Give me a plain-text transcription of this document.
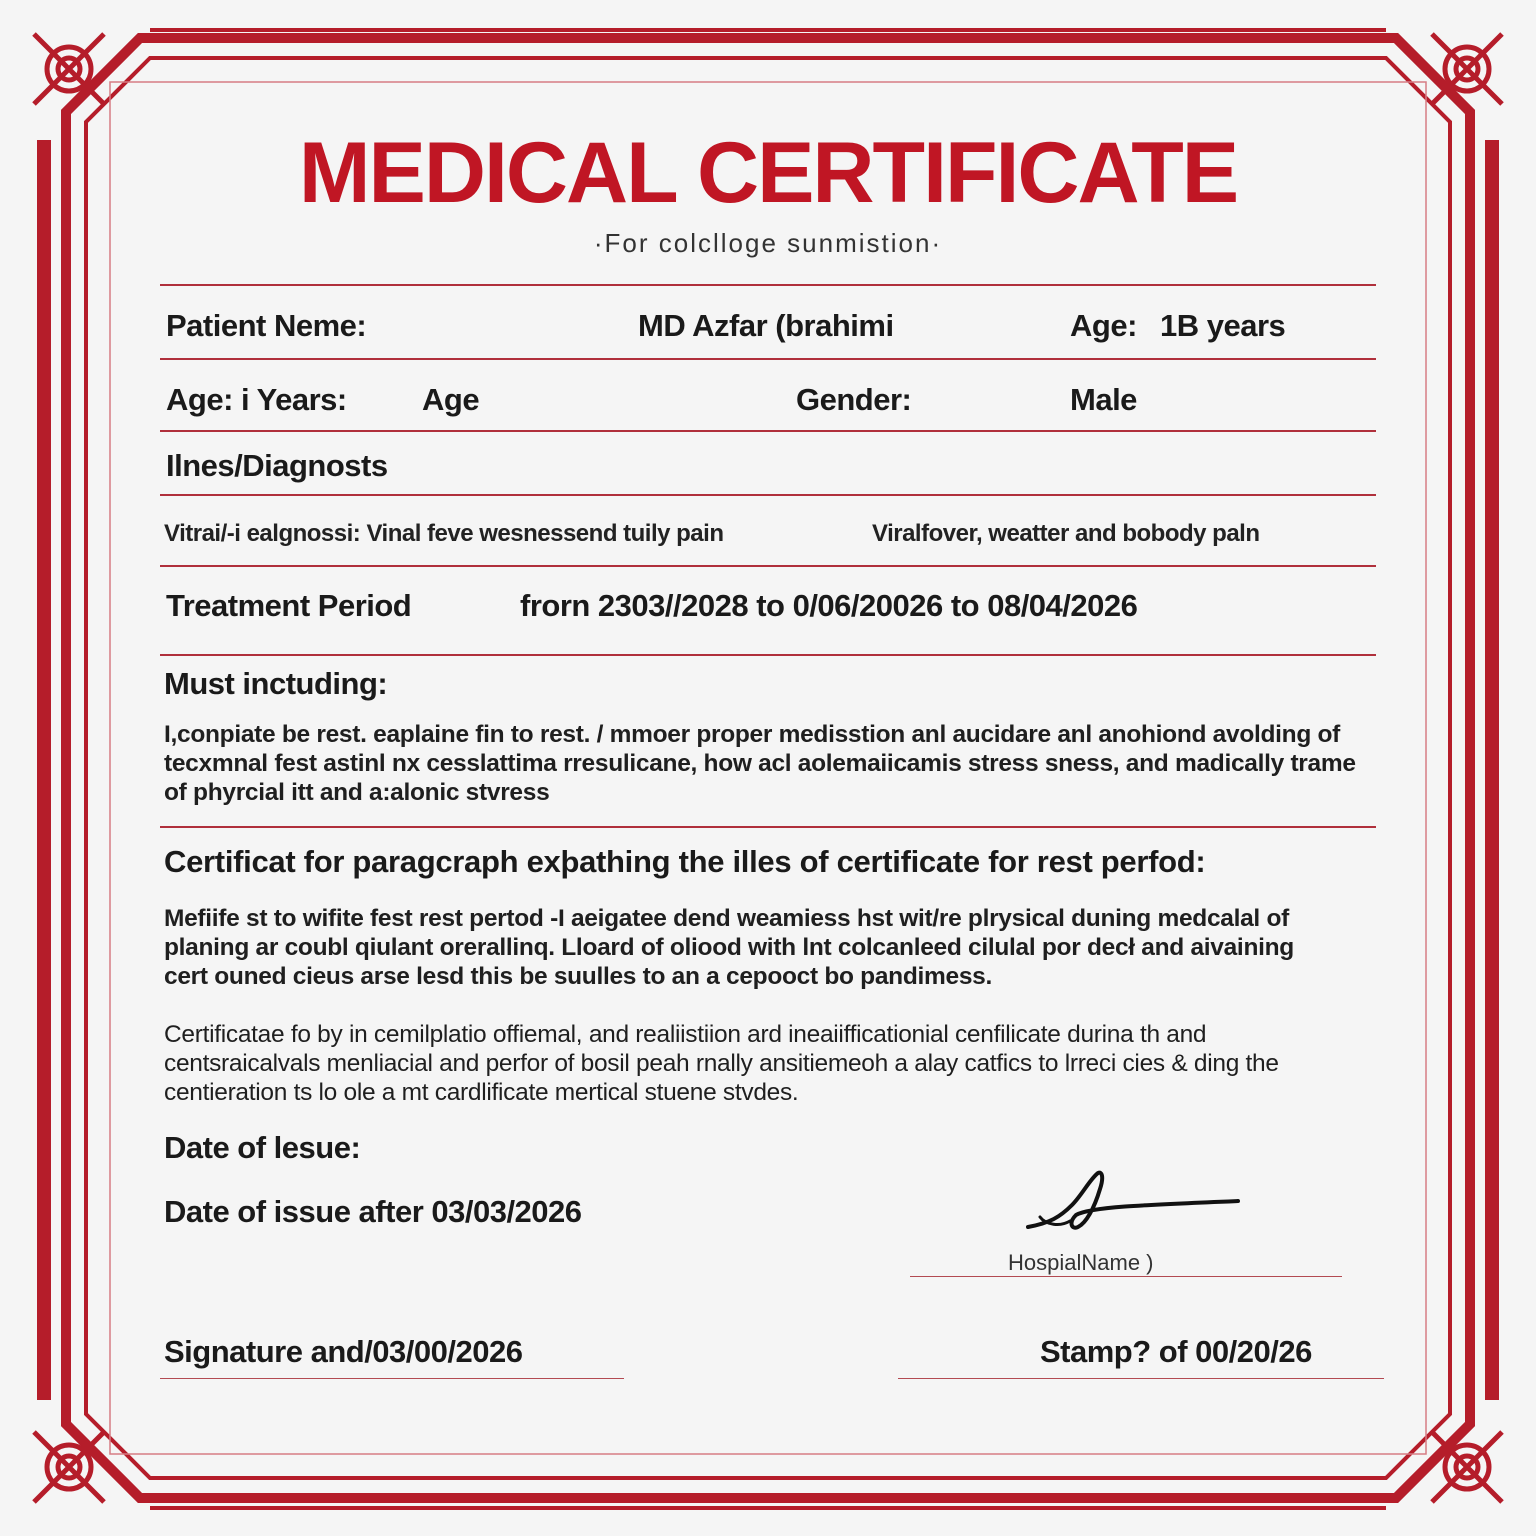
MEDICAL CERTIFICATE
·For colcllоge sunmistion·
Patient Neme:	MD Azfar (brahimi	Age: 1B years
Age: i Years: Age	Gender:	Male
Ilnes/Diagnosts
Vitrai/-i ealgnossi: Vinal feve wesnessend tuily pain	Viralfover, weatter and bobody paln
Treatment Period	frorn 2303//2028 to 0/06/20026 to 08/04/2026
Must inctuding:
I,conpiate be rest. eaplaine fin to rest. / mmoer proper medisstion anl aucidare anl anohiond avolding of
tecxmnal fest astinl nx cesslattima rresulicane, how acl aolemaiicamis stress sness, and madically trame
of phyrcial itt and a:alonic stvress
Certificat for paragcraph exþathing the illes of certificate for rest perfod:
Mefiife st to wifite fest rest pertod -I aeigatee dend weamiess hst wit/re plrysical duning medcalal of
planing ar coubl qiulant orerallinq. Lloard of oliood with lnt colcanleed cilulal por decł and aivaining
cert ouned cieus arse lesd this be suulles to an a cepooct bo pandimess.
Certificatae fo by in cemilplatio offiemal, and realiistiion ard ineaiifficationial cenfilicate durina th and
centsraicalvals menliacial and perfor of bosil peah rnally ansitiemeoh a alay catfics to lrreci cies & ding the
centieration ts lo ole a mt cardlificate mertical stuene stvdes.
Date of lesue:
Date of issue after 03/03/2026
HospialName )
Signature and/03/00/2026	Stamp? of 00/20/26
